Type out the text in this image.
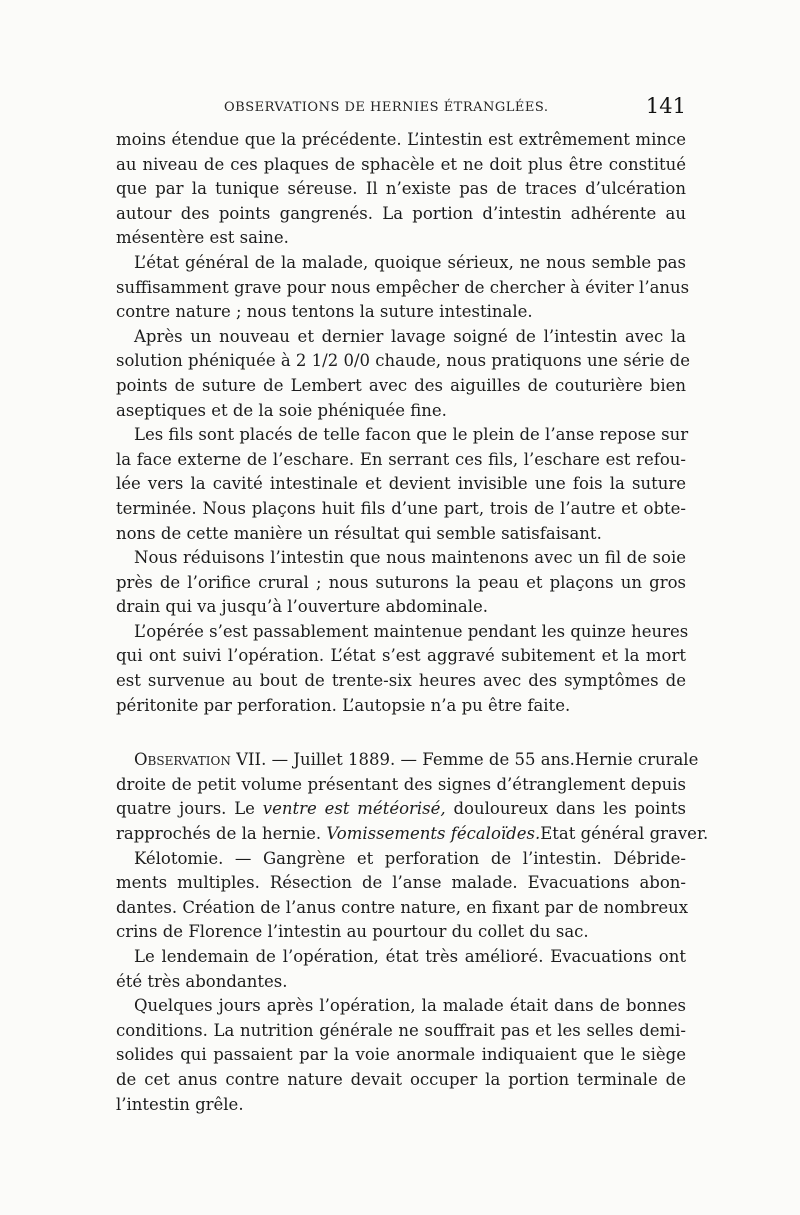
OBSERVATIONS DE HERNIES ÉTRANGLÉES.	141
moins étendue que la précédente. L’intestin est extrêmement mince
au niveau de ces plaques de sphacèle et ne doit plus être constitué
que par la tunique séreuse. Il n’existe pas de traces d’ulcération
autour des points gangrenés. La portion d’intestin adhérente au
mésentère est saine.
L’état général de la malade, quoique sérieux, ne nous semble pas
suffisamment grave pour nous empêcher de chercher à éviter l’anus
contre nature ; nous tentons la suture intestinale.
Après un nouveau et dernier lavage soigné de l’intestin avec la
solution phéniquée à 2 1/2 0/0 chaude, nous pratiquons une série de
points de suture de Lembert avec des aiguilles de couturière bien
aseptiques et de la soie phéniquée fine.
Les fils sont placés de telle facon que le plein de l’anse repose sur
la face externe de l’eschare. En serrant ces fils, l’eschare est refou-
lée vers la cavité intestinale et devient invisible une fois la suture
terminée. Nous plaçons huit fils d’une part, trois de l’autre et obte-
nons de cette manière un résultat qui semble satisfaisant.
Nous réduisons l’intestin que nous maintenons avec un fil de soie
près de l’orifice crural ; nous suturons la peau et plaçons un gros
drain qui va jusqu’à l’ouverture abdominale.
L’opérée s’est passablement maintenue pendant les quinze heures
qui ont suivi l’opération. L’état s’est aggravé subitement et la mort
est survenue au bout de trente-six heures avec des symptômes de
péritonite par perforation. L’autopsie n’a pu être faite.
Observation VII. — Juillet 1889. — Femme de 55 ans.Hernie crurale
droite de petit volume présentant des signes d’étranglement depuis
quatre jours. Le ventre est météorisé, douloureux dans les points
rapprochés de la hernie. Vomissements fécaloïdes.Etat général graver.
Kélotomie. — Gangrène et perforation de l’intestin. Débride-
ments multiples. Résection de l’anse malade. Evacuations abon-
dantes. Création de l’anus contre nature, en fixant par de nombreux
crins de Florence l’intestin au pourtour du collet du sac.
Le lendemain de l’opération, état très amélioré. Evacuations ont
été très abondantes.
Quelques jours après l’opération, la malade était dans de bonnes
conditions. La nutrition générale ne souffrait pas et les selles demi-
solides qui passaient par la voie anormale indiquaient que le siège
de cet anus contre nature devait occuper la portion terminale de
l’intestin grêle.
